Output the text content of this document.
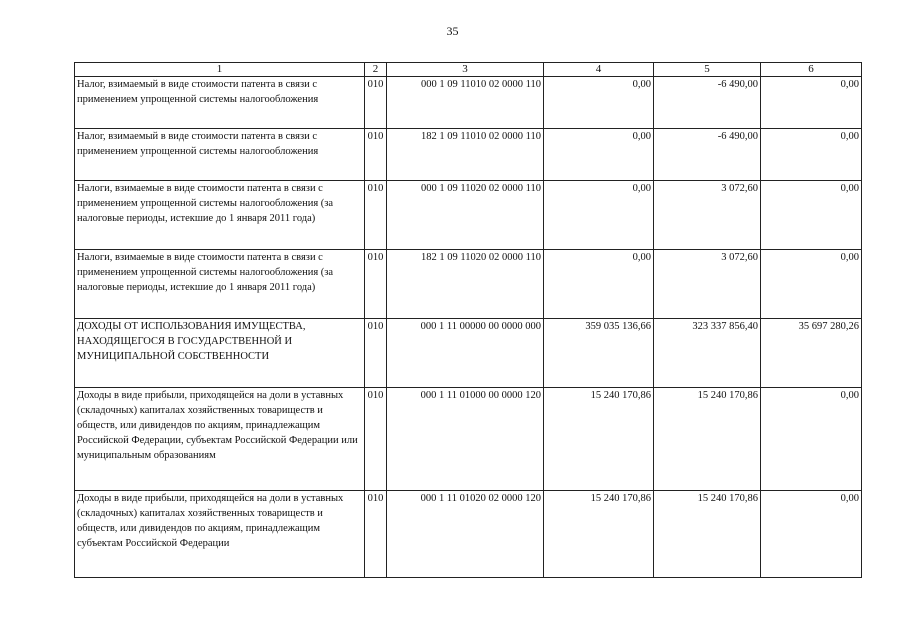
35
1	2	3	4	5	6
Налог, взимаемый в виде стоимости патента в связи с применением упрощенной системы налогообложения	010	000 1 09 11010 02 0000 110	0,00	-6 490,00	0,00
Налог, взимаемый в виде стоимости патента в связи с применением упрощенной системы налогообложения	010	182 1 09 11010 02 0000 110	0,00	-6 490,00	0,00
Налоги, взимаемые в виде стоимости патента в связи с применением упрощенной системы налогообложения (за налоговые периоды, истекшие до 1 января 2011 года)	010	000 1 09 11020 02 0000 110	0,00	3 072,60	0,00
Налоги, взимаемые в виде стоимости патента в связи с применением упрощенной системы налогообложения (за налоговые периоды, истекшие до 1 января 2011 года)	010	182 1 09 11020 02 0000 110	0,00	3 072,60	0,00
ДОХОДЫ ОТ ИСПОЛЬЗОВАНИЯ ИМУЩЕСТВА, НАХОДЯЩЕГОСЯ В ГОСУДАРСТВЕННОЙ И МУНИЦИПАЛЬНОЙ СОБСТВЕННОСТИ	010	000 1 11 00000 00 0000 000	359 035 136,66	323 337 856,40	35 697 280,26
Доходы в виде прибыли, приходящейся на доли в уставных (складочных) капиталах хозяйственных товариществ и обществ, или дивидендов по акциям, принадлежащим Российской Федерации, субъектам Российской Федерации или муниципальным образованиям	010	000 1 11 01000 00 0000 120	15 240 170,86	15 240 170,86	0,00
Доходы в виде прибыли, приходящейся на доли в уставных (складочных) капиталах хозяйственных товариществ и обществ, или дивидендов по акциям, принадлежащим субъектам Российской Федерации	010	000 1 11 01020 02 0000 120	15 240 170,86	15 240 170,86	0,00
